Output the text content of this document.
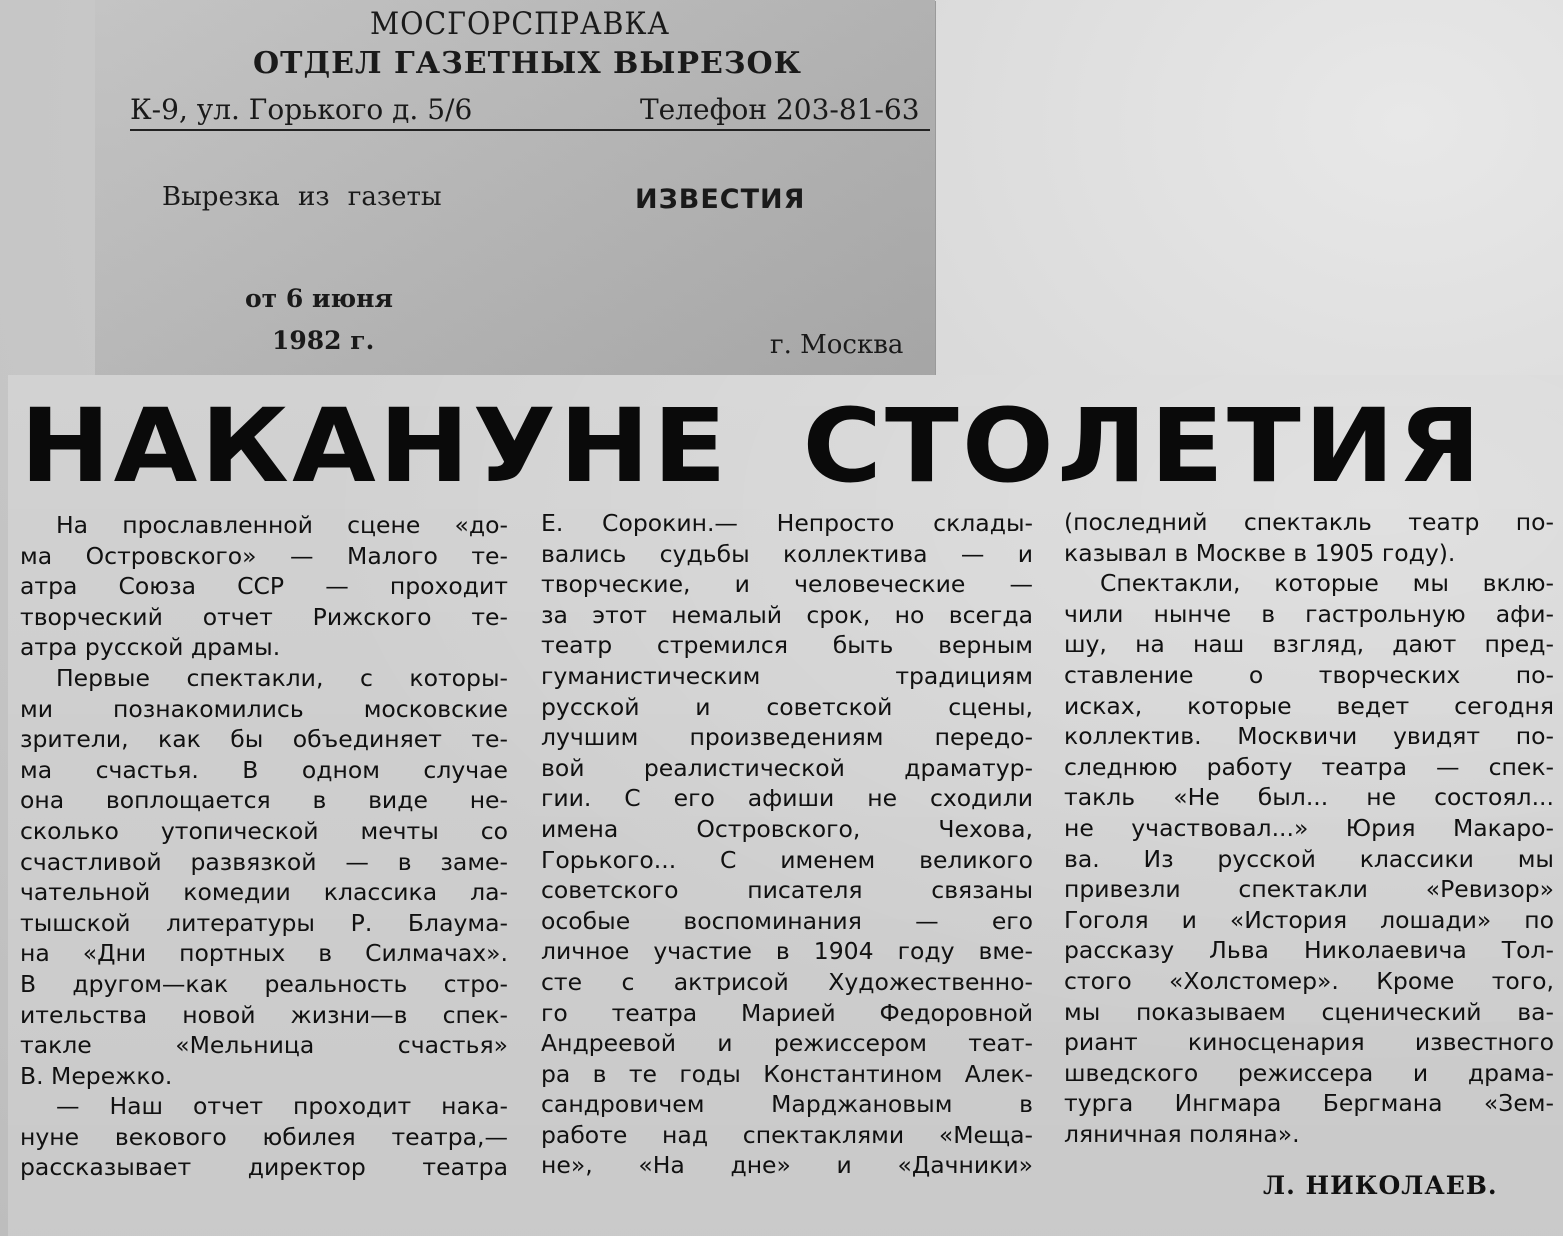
МОСГОРСПРАВКА
ОТДЕЛ ГАЗЕТНЫХ ВЫРЕЗОК
К-9, ул. Горького д. 5/6	Телефон 203-81-63
Вырезка из газеты	ИЗВЕСТИЯ
от 6 июня
1982 г.	г. Москва
НАКАНУНЕ СТОЛЕТИЯ

На прославленной сцене «до-

ма Островского» — Малого те-

атра Союза ССР — проходит

творческий отчет Рижского те-

атра русской драмы.

Первые спектакли, с которы-

ми познакомились московские

зрители, как бы объединяет те-

ма счастья. В одном случае

она воплощается в виде не-

сколько утопической мечты со

счастливой развязкой — в заме-

чательной комедии классика ла-

тышской литературы Р. Блаума-

на «Дни портных в Силмачах».

В другом—как реальность стро-

ительства новой жизни—в спек-

такле «Мельница счастья»

В. Мережко.

— Наш отчет проходит нака-

нуне векового юбилея театра,—

рассказывает директор театра

Е. Сорокин.— Непросто склады-

вались судьбы коллектива — и

творческие, и человеческие —

за этот немалый срок, но всегда

театр стремился быть верным

гуманистическим традициям

русской и советской сцены,

лучшим произведениям передо-

вой реалистической драматур-

гии. С его афиши не сходили

имена Островского, Чехова,

Горького... С именем великого

советского писателя связаны

особые воспоминания — его

личное участие в 1904 году вме-

сте с актрисой Художественно-

го театра Марией Федоровной

Андреевой и режиссером теат-

ра в те годы Константином Алек-

сандровичем Марджановым в

работе над спектаклями «Меща-

не», «На дне» и «Дачники»

(последний спектакль театр по-

казывал в Москве в 1905 году).

Спектакли, которые мы вклю-

чили нынче в гастрольную афи-

шу, на наш взгляд, дают пред-

ставление о творческих по-

исках, которые ведет сегодня

коллектив. Москвичи увидят по-

следнюю работу театра — спек-

такль «Не был... не состоял...

не участвовал...» Юрия Макаро-

ва. Из русской классики мы

привезли спектакли «Ревизор»

Гоголя и «История лошади» по

рассказу Льва Николаевича Тол-

стого «Холстомер». Кроме того,

мы показываем сценический ва-

риант киносценария известного

шведского режиссера и драма-

турга Ингмара Бергмана «Зем-

ляничная поляна».

Л. НИКОЛАЕВ.
